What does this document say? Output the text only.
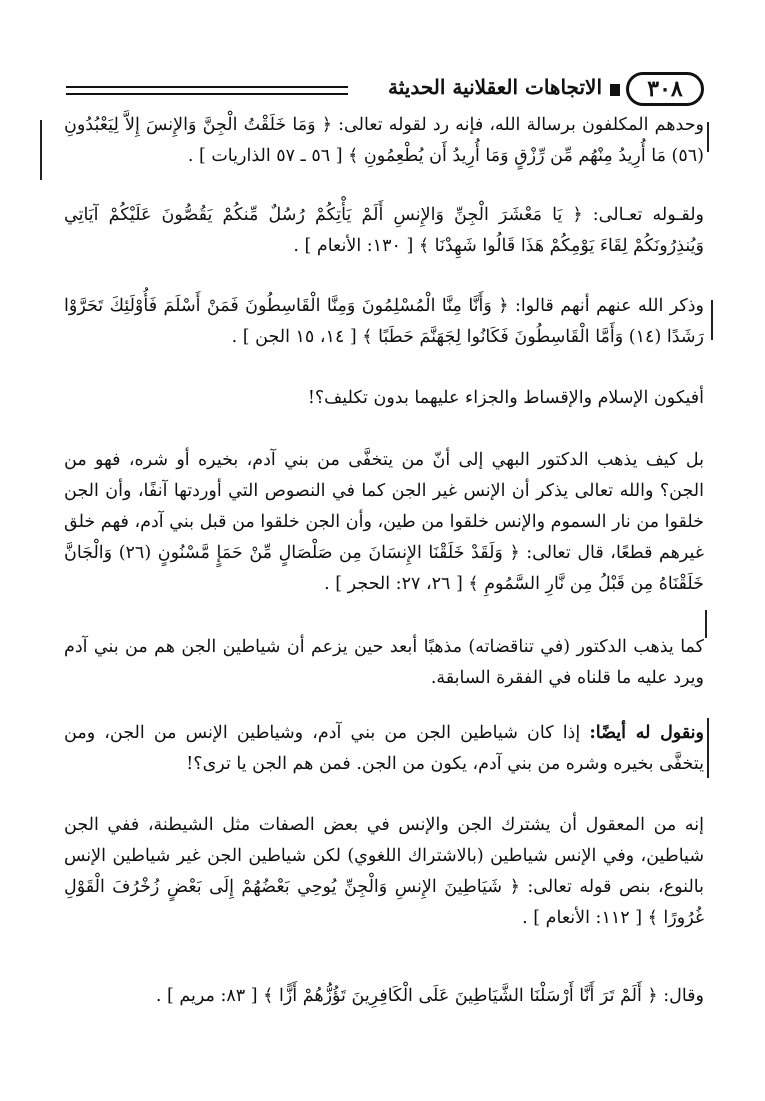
٣٠٨
الاتجاهات العقلانية الحديثة

وحدهم المكلفون برسالة الله، فإنه رد لقوله تعالى: ﴿ وَمَا خَلَقْتُ الْجِنَّ وَالإِنسَ إِلاَّ لِيَعْبُدُونِ (٥٦) مَا أُرِيدُ مِنْهُم مِّن رِّزْقٍ وَمَا أُرِيدُ أَن يُطْعِمُونِ ﴾ [ ٥٦ ـ ٥٧ الذاريات ] .

ولقـوله تعـالى: ﴿ يَا مَعْشَرَ الْجِنِّ وَالإِنسِ أَلَمْ يَأْتِكُمْ رُسُلٌ مِّنكُمْ يَقُصُّونَ عَلَيْكُمْ آيَاتِي وَيُنذِرُونَكُمْ لِقَاءَ يَوْمِكُمْ هَذَا قَالُوا شَهِدْنَا ﴾ [ ١٣٠: الأنعام ] .

وذكر الله عنهم أنهم قالوا: ﴿ وَأَنَّا مِنَّا الْمُسْلِمُونَ وَمِنَّا الْقَاسِطُونَ فَمَنْ أَسْلَمَ فَأُوْلَئِكَ تَحَرَّوْا رَشَدًا (١٤) وَأَمَّا الْقَاسِطُونَ فَكَانُوا لِجَهَنَّمَ حَطَبًا ﴾ [ ١٤، ١٥ الجن ] .

أفيكون الإسلام والإقساط والجزاء عليهما بدون تكليف؟!

بل كيف يذهب الدكتور البهي إلى أنّ من يتخفَّى من بني آدم، بخيره أو شره، فهو من الجن؟ والله تعالى يذكر أن الإنس غير الجن كما في النصوص التي أوردتها آنفًا، وأن الجن خلقوا من نار السموم والإنس خلقوا من طين، وأن الجن خلقوا من قبل بني آدم، فهم خلق غيرهم قطعًا، قال تعالى: ﴿ وَلَقَدْ خَلَقْنَا الإِنسَانَ مِن صَلْصَالٍ مِّنْ حَمَإٍ مَّسْنُونٍ (٢٦) وَالْجَانَّ خَلَقْنَاهُ مِن قَبْلُ مِن نَّارِ السَّمُومِ ﴾ [ ٢٦، ٢٧: الحجر ] .

كما يذهب الدكتور (في تناقضاته) مذهبًا أبعد حين يزعم أن شياطين الجن هم من بني آدم ويرد عليه ما قلناه في الفقرة السابقة.

ونقول له أيضًا: إذا كان شياطين الجن من بني آدم، وشياطين الإنس من الجن، ومن يتخفَّى بخيره وشره من بني آدم، يكون من الجن. فمن هم الجن يا ترى؟!

إنه من المعقول أن يشترك الجن والإنس في بعض الصفات مثل الشيطنة، ففي الجن شياطين، وفي الإنس شياطين (بالاشتراك اللغوي) لكن شياطين الجن غير شياطين الإنس بالنوع، بنص قوله تعالى: ﴿ شَيَاطِينَ الإِنسِ وَالْجِنِّ يُوحِي بَعْضُهُمْ إِلَى بَعْضٍ زُخْرُفَ الْقَوْلِ غُرُورًا ﴾ [ ١١٢: الأنعام ] .

وقال: ﴿ أَلَمْ تَرَ أَنَّا أَرْسَلْنَا الشَّيَاطِينَ عَلَى الْكَافِرِينَ تَؤُزُّهُمْ أَزًّا ﴾ [ ٨٣: مريم ] .
